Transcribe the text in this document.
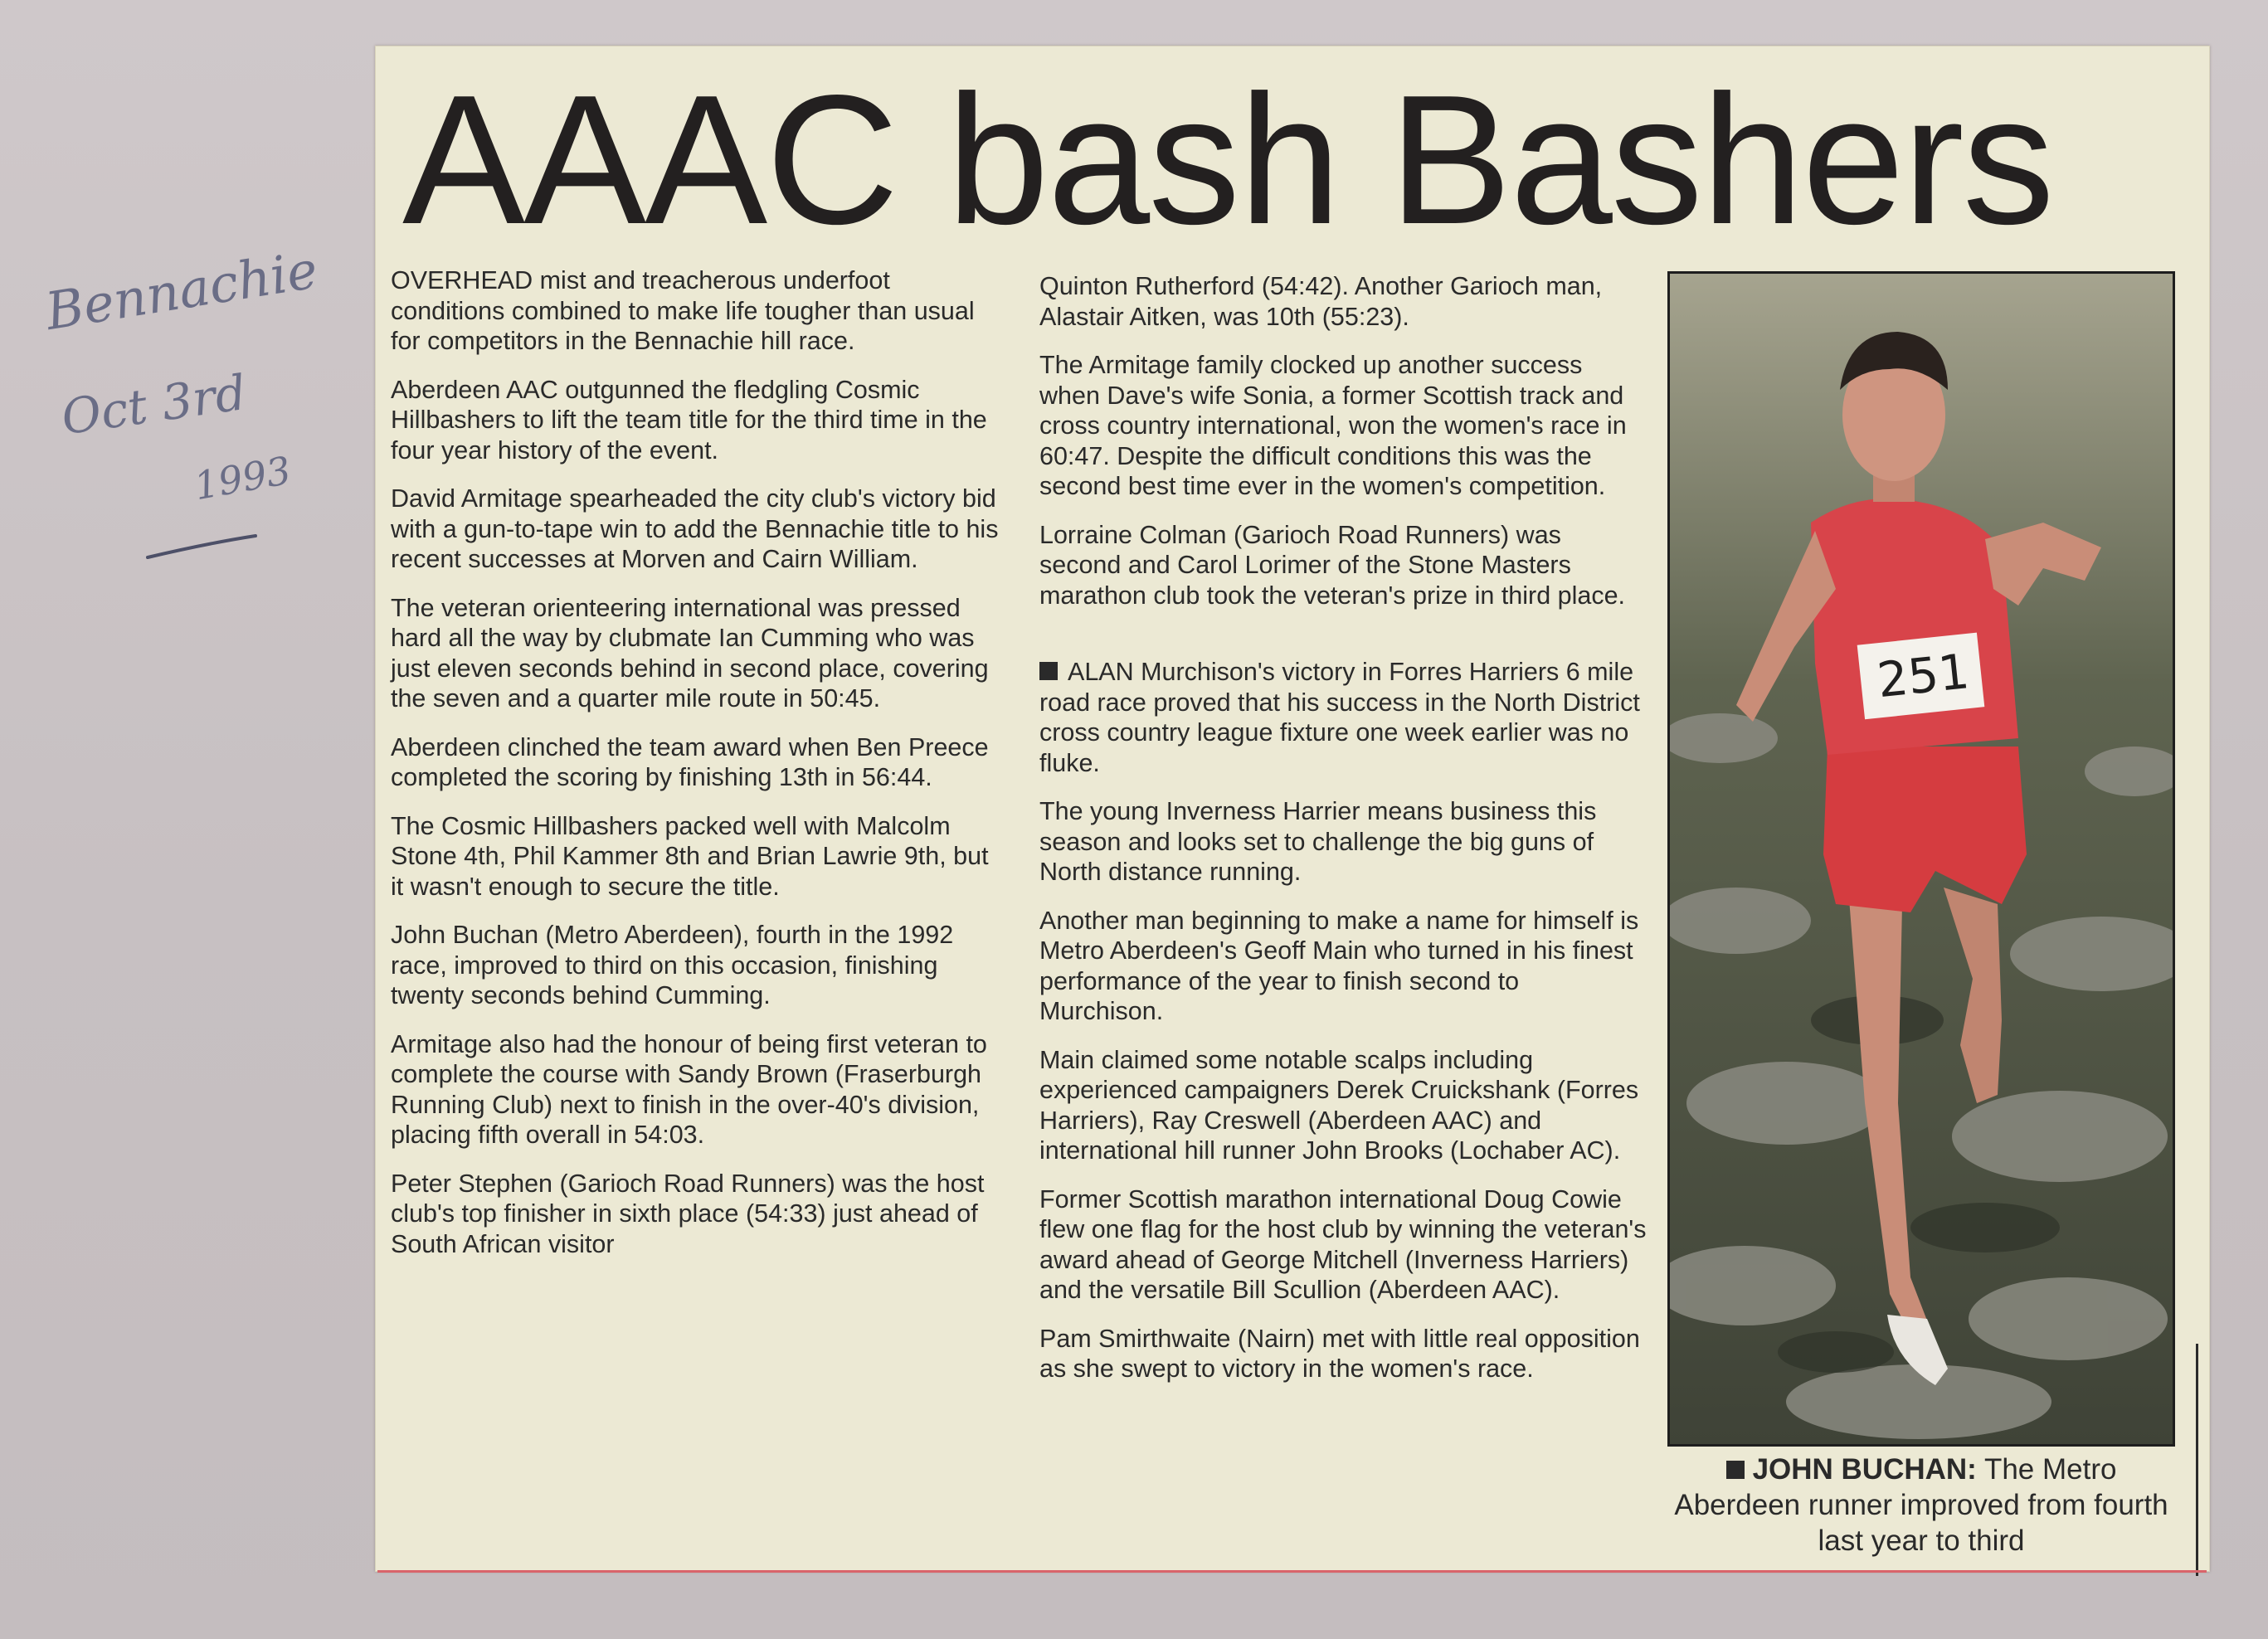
Bennachie
Oct 3rd
1993
AAAC bash Bashers

OVERHEAD mist and treacherous underfoot conditions combined to make life tougher than usual for competitors in the Bennachie hill race.

Aberdeen AAC outgunned the fledgling Cosmic Hillbashers to lift the team title for the third time in the four year history of the event.

David Armitage spearheaded the city club's victory bid with a gun-to-tape win to add the Bennachie title to his recent successes at Morven and Cairn William.

The veteran orienteering international was pressed hard all the way by clubmate Ian Cumming who was just eleven seconds behind in second place, covering the seven and a quarter mile route in 50:45.

Aberdeen clinched the team award when Ben Preece completed the scoring by finishing 13th in 56:44.

The Cosmic Hillbashers packed well with Malcolm Stone 4th, Phil Kammer 8th and Brian Lawrie 9th, but it wasn't enough to secure the title.

John Buchan (Metro Aberdeen), fourth in the 1992 race, improved to third on this occasion, finishing twenty seconds behind Cumming.

Armitage also had the honour of being first veteran to complete the course with Sandy Brown (Fraserburgh Running Club) next to finish in the over-40's division, placing fifth overall in 54:03.

Peter Stephen (Garioch Road Runners) was the host club's top finisher in sixth place (54:33) just ahead of South African visitor

Quinton Rutherford (54:42). Another Garioch man, Alastair Aitken, was 10th (55:23).

The Armitage family clocked up another success when Dave's wife Sonia, a former Scottish track and cross country international, won the women's race in 60:47. Despite the difficult conditions this was the second best time ever in the women's competition.

Lorraine Colman (Garioch Road Runners) was second and Carol Lorimer of the Stone Masters marathon club took the veteran's prize in third place.

ALAN Murchison's victory in Forres Harriers 6 mile road race proved that his success in the North District cross country league fixture one week earlier was no fluke.

The young Inverness Harrier means business this season and looks set to challenge the big guns of North distance running.

Another man beginning to make a name for himself is Metro Aberdeen's Geoff Main who turned in his finest performance of the year to finish second to Murchison.

Main claimed some notable scalps including experienced campaigners Derek Cruickshank (Forres Harriers), Ray Creswell (Aberdeen AAC) and international hill runner John Brooks (Lochaber AC).

Former Scottish marathon international Doug Cowie flew one flag for the host club by winning the veteran's award ahead of George Mitchell (Inverness Harriers) and the versatile Bill Scullion (Aberdeen AAC).

Pam Smirthwaite (Nairn) met with little real opposition as she swept to victory in the women's race.

251
JOHN BUCHAN: The Metro Aberdeen runner improved from fourth last year to third
